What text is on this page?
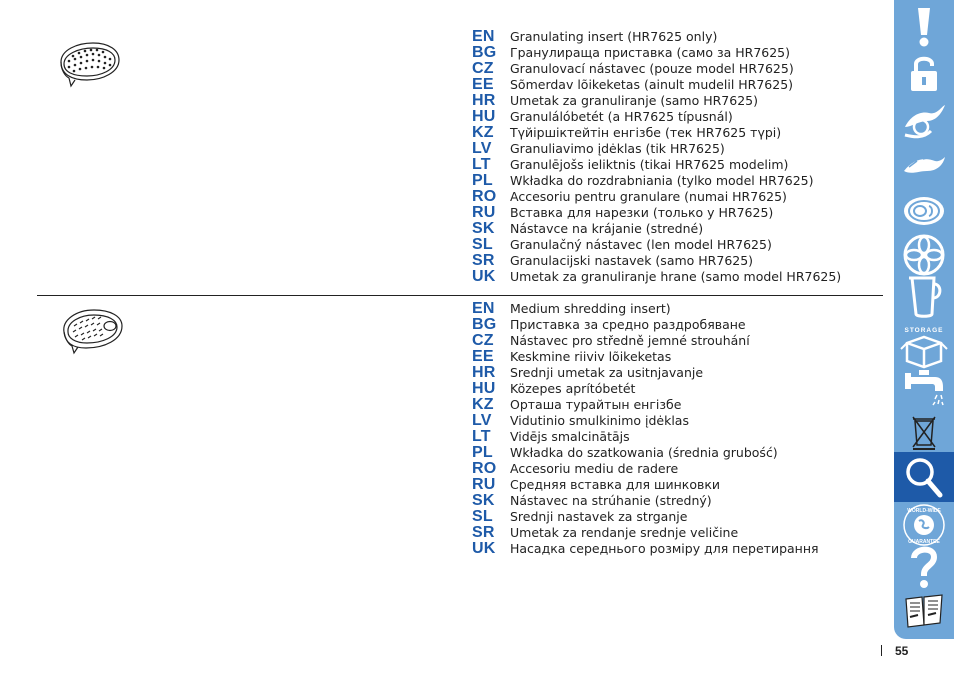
EN	Granulating insert (HR7625 only)
BG	Гранулираща приставка (само за HR7625)
CZ	Granulovací nástavec (pouze model HR7625)
EE	Sõmerdav lõikeketas (ainult mudelil HR7625)
HR	Umetak za granuliranje (samo HR7625)
HU	Granulálóbetét (a HR7625 típusnál)
KZ	Түйіршіктейтін енгізбе (тек HR7625 түрі)
LV	Granuliavimo įdėklas (tik HR7625)
LT	Granulējošs ieliktnis (tikai HR7625 modelim)
PL	Wkładka do rozdrabniania (tylko model HR7625)
RO	Accesoriu pentru granulare (numai HR7625)
RU	Вставка для нарезки (только у HR7625)
SK	Nástavce na krájanie (stredné)
SL	Granulačný nástavec (len model HR7625)
SR	Granulacijski nastavek (samo HR7625)
UK	Umetak za granuliranje hrane (samo model HR7625)
EN	Medium shredding insert)
BG	Приставка за средно раздробяване
CZ	Nástavec pro středně jemné strouhání
EE	Keskmine riiviv lõikeketas
HR	Srednji umetak za usitnjavanje
HU	Közepes aprítóbetét
KZ	Орташа турайтын енгізбе
LV	Vidutinio smulkinimo įdėklas
LT	Vidējs smalcinātājs
PL	Wkładka do szatkowania (średnia grubość)
RO	Accesoriu mediu de radere
RU	Средняя вставка для шинковки
SK	Nástavec na strúhanie (stredný)
SL	Srednji nastavek za strganje
SR	Umetak za rendanje srednje veličine
UK	Насадка середнього розміру для перетирання
STORAGE
WORLD-WIDE
GUARANTEE
55
